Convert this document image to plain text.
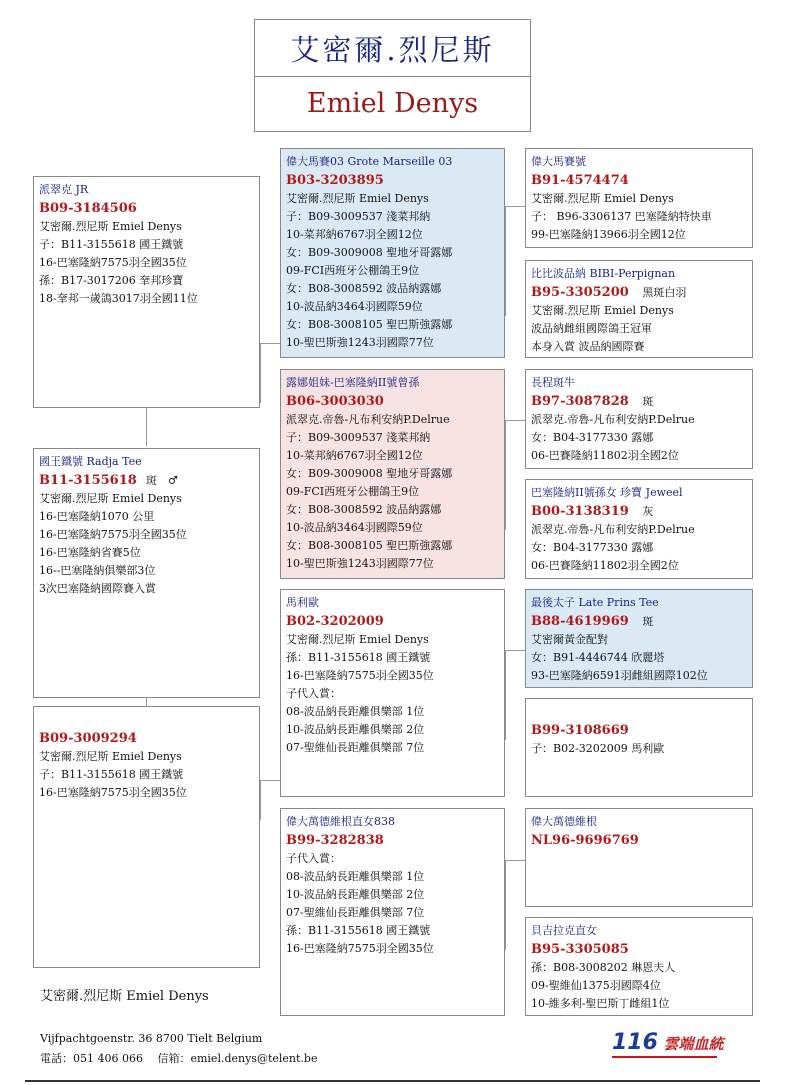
艾密爾.烈尼斯
Emiel Denys
派翠克 JR
B09-3184506
艾密爾.烈尼斯 Emiel Denys
子：B11-3155618 國王鐵號
16-巴塞隆納7575羽全國35位
孫：B17-3017206 羍邦珍寶
18-羍邦一歲鴿3017羽全國11位
國王鐵號 Radja Tee
B11-3155618 斑　♂
艾密爾.烈尼斯 Emiel Denys
16-巴塞隆納1070 公里
16-巴塞隆納7575羽全國35位
16-巴塞隆納省賽5位
16--巴塞隆納俱樂部3位
3次巴塞隆納國際賽入賞
B09-3009294
艾密爾.烈尼斯 Emiel Denys
子：B11-3155618 國王鐵號
16-巴塞隆納7575羽全國35位
偉大馬賽03 Grote Marseille 03
B03-3203895
艾密爾.烈尼斯 Emiel Denys
子：B09-3009537 淺菜邦納
10-菜邦納6767羽全國12位
女：B09-3009008 聖地牙哥露娜
09-FCI西班牙公棚鴿王9位
女：B08-3008592 波品納露娜
10-波品納3464羽國際59位
女：B08-3008105 聖巴斯強露娜
10-聖巴斯強1243羽國際77位
露娜姐妹-巴塞隆納II號曾孫
B06-3003030
派翠克.帝魯-凡布利安納P.Delrue
子：B09-3009537 淺菜邦納
10-菜邦納6767羽全國12位
女：B09-3009008 聖地牙哥露娜
09-FCI西班牙公棚鴿王9位
女：B08-3008592 波品納露娜
10-波品納3464羽國際59位
女：B08-3008105 聖巴斯強露娜
10-聖巴斯強1243羽國際77位
馬利歐
B02-3202009
艾密爾.烈尼斯 Emiel Denys
孫：B11-3155618 國王鐵號
16-巴塞隆納7575羽全國35位
子代入賞：
08-波品納長距離俱樂部 1位
10-波品納長距離俱樂部 2位
07-聖維仙長距離俱樂部 7位
偉大萬德維根直女838
B99-3282838
子代入賞：
08-波品納長距離俱樂部 1位
10-波品納長距離俱樂部 2位
07-聖維仙長距離俱樂部 7位
孫：B11-3155618 國王鐵號
16-巴塞隆納7575羽全國35位
偉大馬賽號
B91-4574474
艾密爾.烈尼斯 Emiel Denys
子： B96-3306137 巴塞隆納特快車
99-巴塞隆納13966羽全國12位
比比波品納 BIBI-Perpignan
B95-3305200 黑斑白羽
艾密爾.烈尼斯 Emiel Denys
波品納雌組國際鴿王冠軍
本身入賞 波品納國際賽
長程斑牛
B97-3087828 斑
派翠克.帝魯-凡布利安納P.Delrue
女：B04-3177330 露娜
06-巴賽隆納11802羽全國2位
巴塞隆納II號孫女 珍寶 Jeweel
B00-3138319 灰
派翠克.帝魯-凡布利安納P.Delrue
女：B04-3177330 露娜
06-巴賽隆納11802羽全國2位
最後太子 Late Prins Tee
B88-4619969 斑
艾密爾黃金配對
女：B91-4446744 欣麗塔
93-巴塞隆納6591羽雌組國際102位
B99-3108669
子：B02-3202009 馬利歐
偉大萬德維根
NL96-9696769
貝吉拉克直女
B95-3305085
孫：B08-3008202 琳恩夫人
09-聖維仙1375羽國際4位
10-維多利-聖巴斯丁雌組1位
艾密爾.烈尼斯 Emiel Denys
Vijfpachtgoenstr. 36 8700 Tielt Belgium
電話：051 406 066　 信箱：emiel.denys@telent.be
116 雲端血統
